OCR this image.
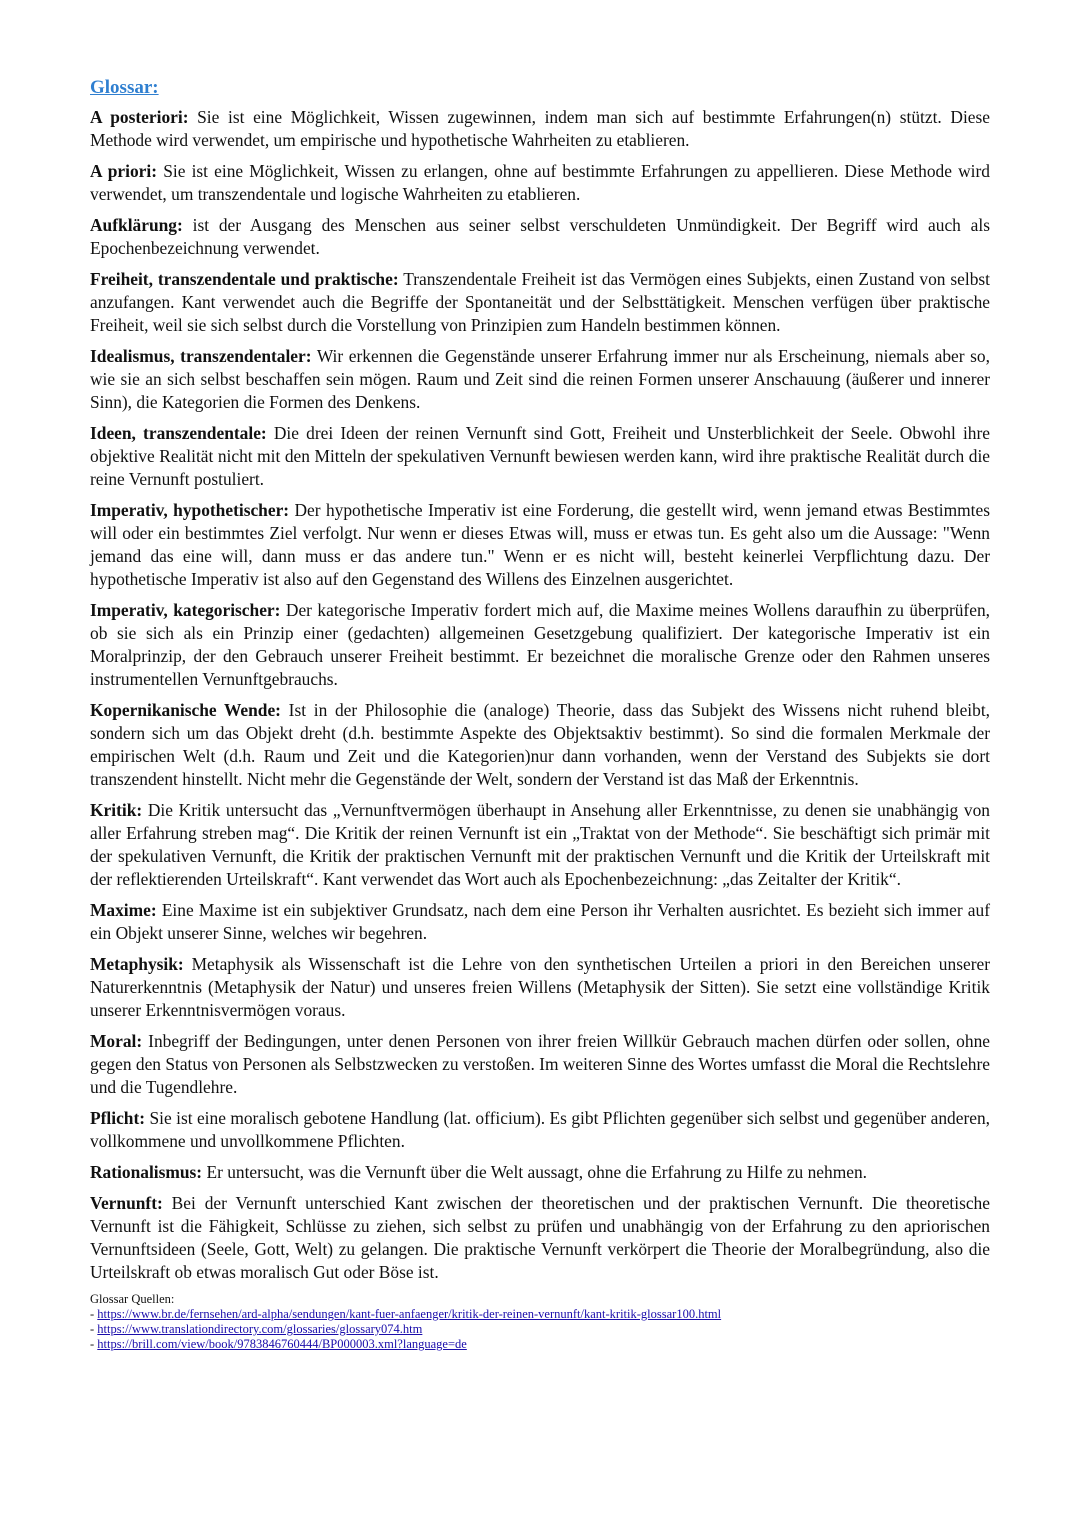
Glossar:

A posteriori: Sie ist eine Möglichkeit, Wissen zugewinnen, indem man sich auf bestimmte Erfahrungen(n) stützt. Diese Methode wird verwendet, um empirische und hypothetische Wahrheiten zu etablieren.

A priori: Sie ist eine Möglichkeit, Wissen zu erlangen, ohne auf bestimmte Erfahrungen zu appellieren. Diese Methode wird verwendet, um transzendentale und logische Wahrheiten zu etablieren.

Aufklärung: ist der Ausgang des Menschen aus seiner selbst verschuldeten Unmündigkeit. Der Begriff wird auch als Epochenbezeichnung verwendet.

Freiheit, transzendentale und praktische: Transzendentale Freiheit ist das Vermögen eines Subjekts, einen Zustand von selbst anzufangen. Kant verwendet auch die Begriffe der Spontaneität und der Selbsttätigkeit. Menschen verfügen über praktische Freiheit, weil sie sich selbst durch die Vorstellung von Prinzipien zum Handeln bestimmen können.

Idealismus, transzendentaler: Wir erkennen die Gegenstände unserer Erfahrung immer nur als Erscheinung, niemals aber so, wie sie an sich selbst beschaffen sein mögen. Raum und Zeit sind die reinen Formen unserer Anschauung (äußerer und innerer Sinn), die Kategorien die Formen des Denkens.

Ideen, transzendentale: Die drei Ideen der reinen Vernunft sind Gott, Freiheit und Unsterblichkeit der Seele. Obwohl ihre objektive Realität nicht mit den Mitteln der spekulativen Vernunft bewiesen werden kann, wird ihre praktische Realität durch die reine Vernunft postuliert.

Imperativ, hypothetischer: Der hypothetische Imperativ ist eine Forderung, die gestellt wird, wenn jemand etwas Bestimmtes will oder ein bestimmtes Ziel verfolgt. Nur wenn er dieses Etwas will, muss er etwas tun. Es geht also um die Aussage: "Wenn jemand das eine will, dann muss er das andere tun." Wenn er es nicht will, besteht keinerlei Verpflichtung dazu. Der hypothetische Imperativ ist also auf den Gegenstand des Willens des Einzelnen ausgerichtet.

Imperativ, kategorischer: Der kategorische Imperativ fordert mich auf, die Maxime meines Wollens daraufhin zu überprüfen, ob sie sich als ein Prinzip einer (gedachten) allgemeinen Gesetzgebung qualifiziert. Der kategorische Imperativ ist ein Moralprinzip, der den Gebrauch unserer Freiheit bestimmt. Er bezeichnet die moralische Grenze oder den Rahmen unseres instrumentellen Vernunftgebrauchs.

Kopernikanische Wende: Ist in der Philosophie die (analoge) Theorie, dass das Subjekt des Wissens nicht ruhend bleibt, sondern sich um das Objekt dreht (d.h. bestimmte Aspekte des Objektsaktiv bestimmt). So sind die formalen Merkmale der empirischen Welt (d.h. Raum und Zeit und die Kategorien)nur dann vorhanden, wenn der Verstand des Subjekts sie dort transzendent hinstellt. Nicht mehr die Gegenstände der Welt, sondern der Verstand ist das Maß der Erkenntnis.

Kritik: Die Kritik untersucht das „Vernunftvermögen überhaupt in Ansehung aller Erkenntnisse, zu denen sie unabhängig von aller Erfahrung streben mag“. Die Kritik der reinen Vernunft ist ein „Traktat von der Methode“. Sie beschäftigt sich primär mit der spekulativen Vernunft, die Kritik der praktischen Vernunft mit der praktischen Vernunft und die Kritik der Urteilskraft mit der reflektierenden Urteilskraft“. Kant verwendet das Wort auch als Epochenbezeichnung: „das Zeitalter der Kritik“.

Maxime: Eine Maxime ist ein subjektiver Grundsatz, nach dem eine Person ihr Verhalten ausrichtet. Es bezieht sich immer auf ein Objekt unserer Sinne, welches wir begehren.

Metaphysik: Metaphysik als Wissenschaft ist die Lehre von den synthetischen Urteilen a priori in den Bereichen unserer Naturerkenntnis (Metaphysik der Natur) und unseres freien Willens (Metaphysik der Sitten). Sie setzt eine vollständige Kritik unserer Erkenntnisvermögen voraus.

Moral: Inbegriff der Bedingungen, unter denen Personen von ihrer freien Willkür Gebrauch machen dürfen oder sollen, ohne gegen den Status von Personen als Selbstzwecken zu verstoßen. Im weiteren Sinne des Wortes umfasst die Moral die Rechtslehre und die Tugendlehre.

Pflicht: Sie ist eine moralisch gebotene Handlung (lat. officium). Es gibt Pflichten gegenüber sich selbst und gegenüber anderen, vollkommene und unvollkommene Pflichten.

Rationalismus: Er untersucht, was die Vernunft über die Welt aussagt, ohne die Erfahrung zu Hilfe zu nehmen.

Vernunft: Bei der Vernunft unterschied Kant zwischen der theoretischen und der praktischen Vernunft. Die theoretische Vernunft ist die Fähigkeit, Schlüsse zu ziehen, sich selbst zu prüfen und unabhängig von der Erfahrung zu den apriorischen Vernunftsideen (Seele, Gott, Welt) zu gelangen. Die praktische Vernunft verkörpert die Theorie der Moralbegründung, also die Urteilskraft ob etwas moralisch Gut oder Böse ist.

Glossar Quellen:
- https://www.br.de/fernsehen/ard-alpha/sendungen/kant-fuer-anfaenger/kritik-der-reinen-vernunft/kant-kritik-glossar100.html
- https://www.translationdirectory.com/glossaries/glossary074.htm
- https://brill.com/view/book/9783846760444/BP000003.xml?language=de
